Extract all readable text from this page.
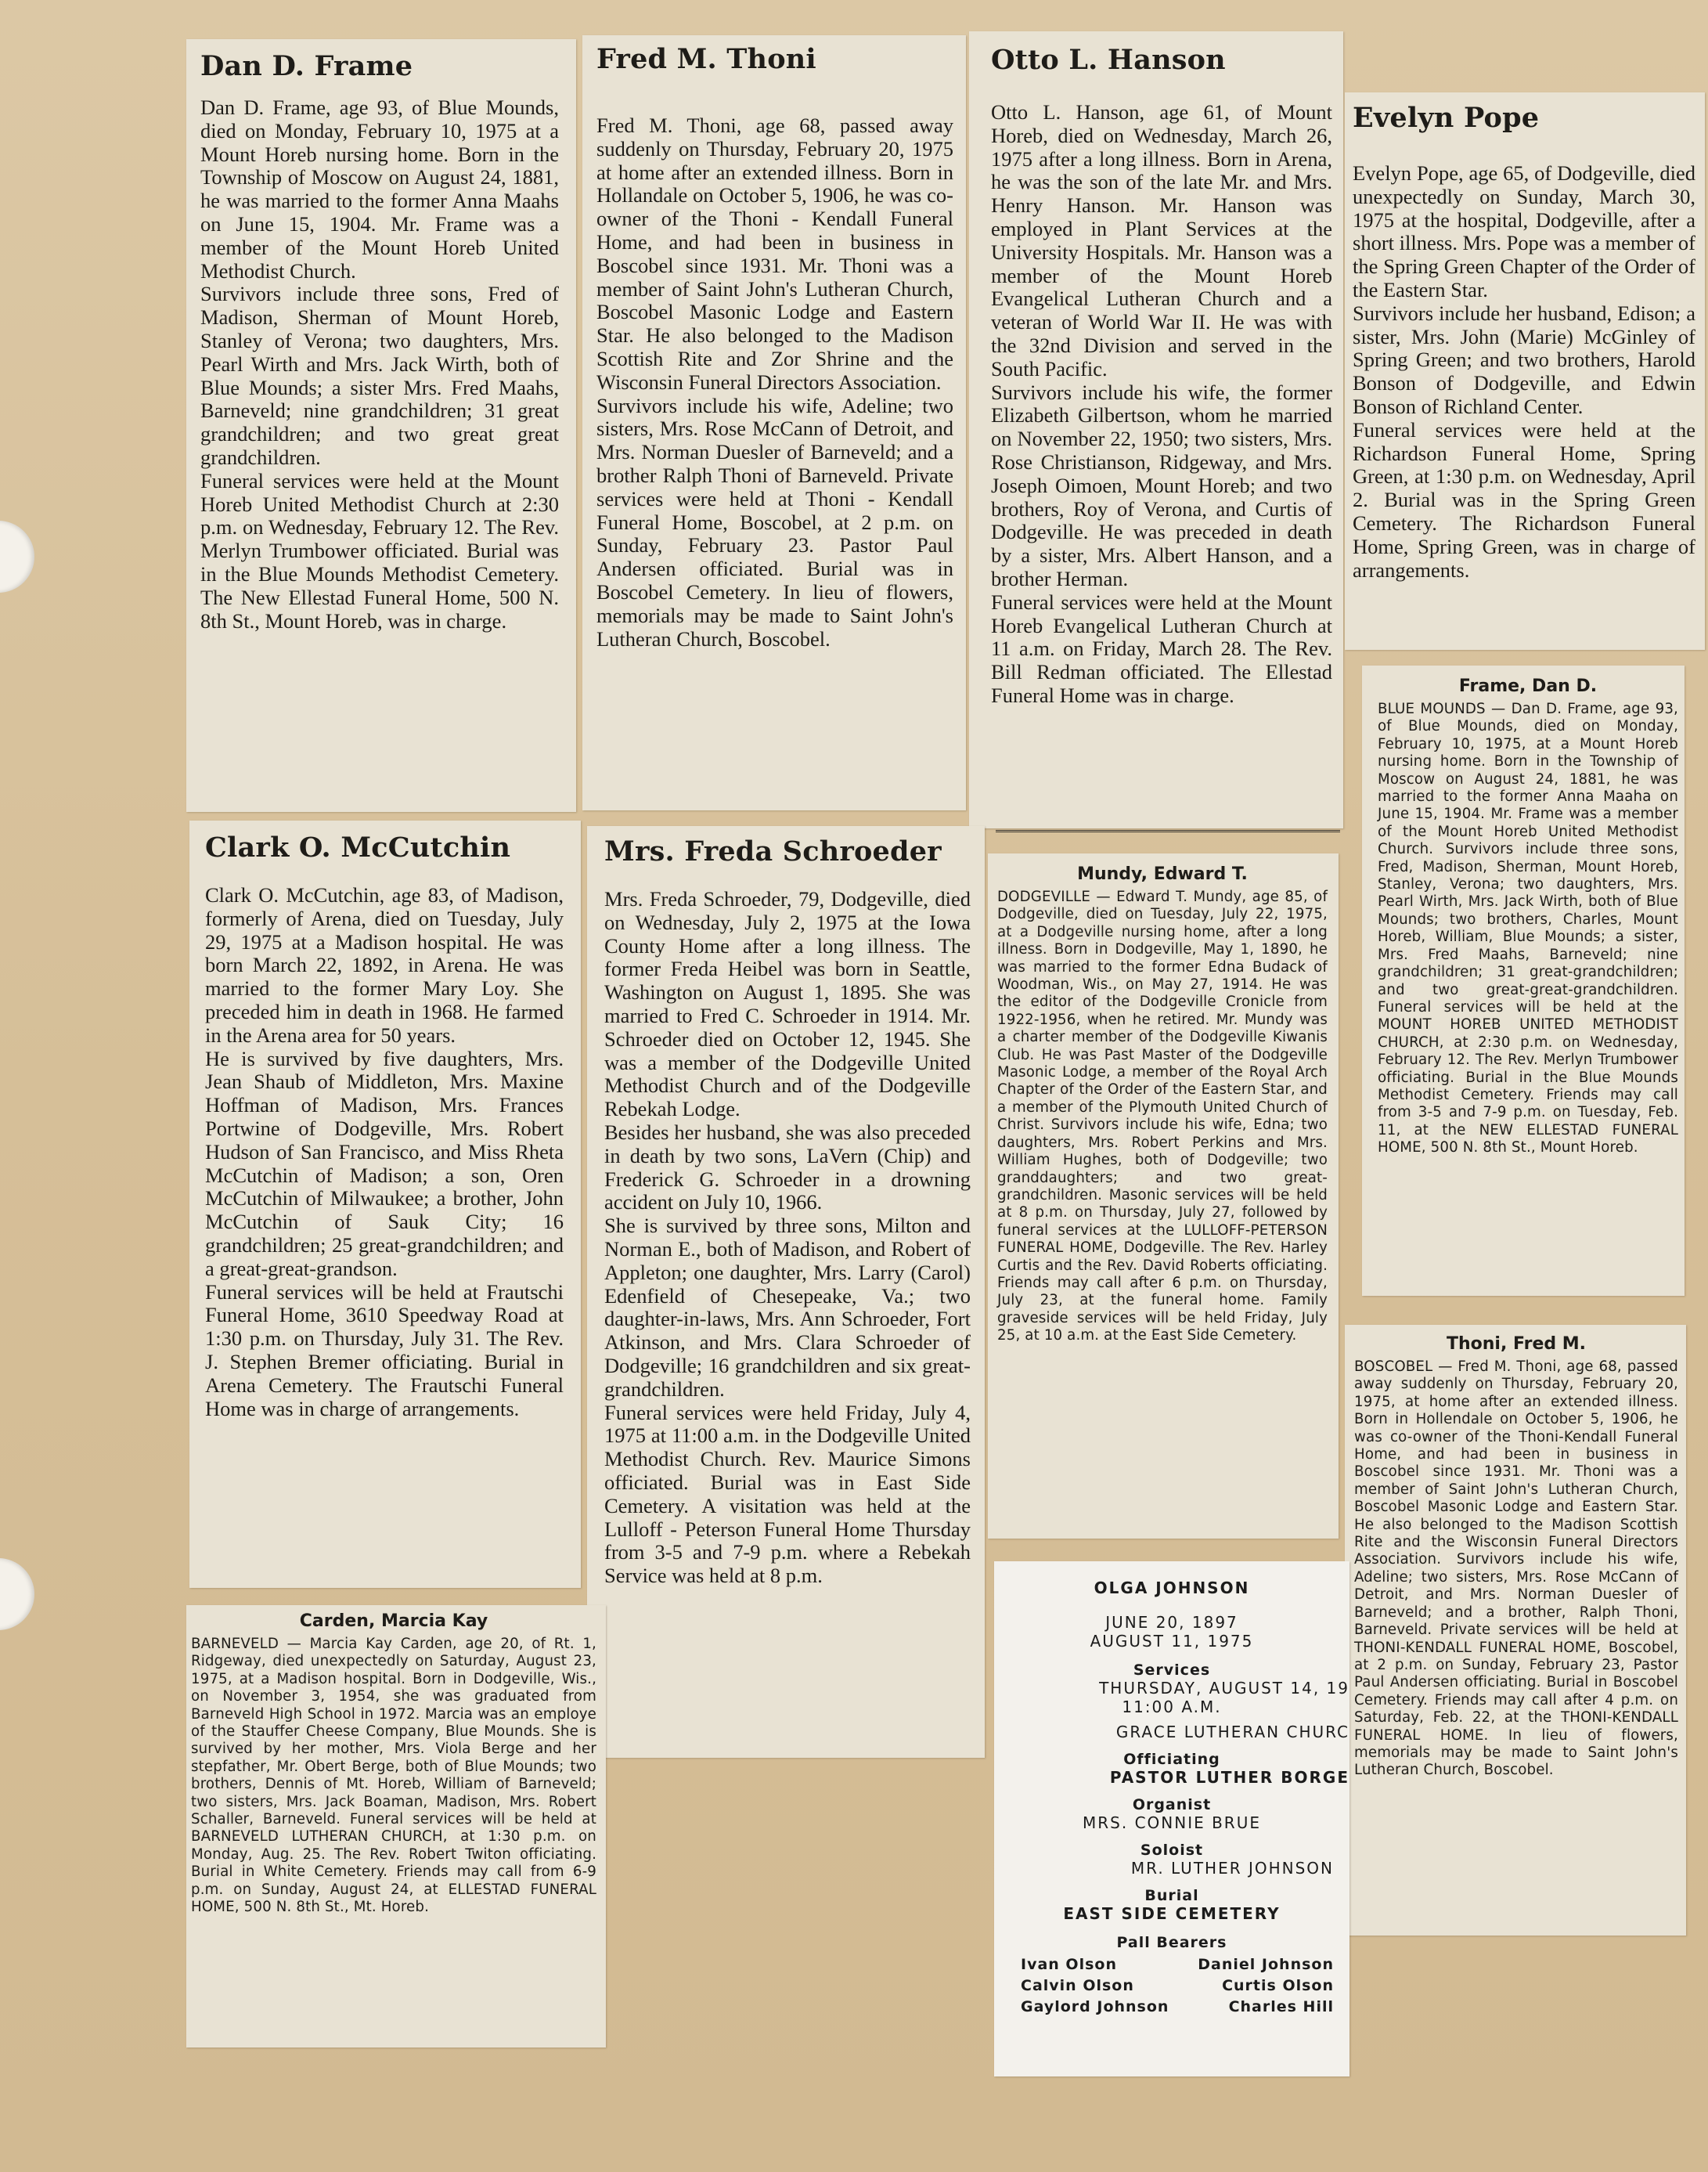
Dan D. Frame
Dan D. Frame, age 93, of Blue Mounds, died on Monday, February 10, 1975 at a Mount Horeb nursing home. Born in the Township of Moscow on August 24, 1881, he was married to the former Anna Maahs on June 15, 1904. Mr. Frame was a member of the Mount Horeb United Methodist Church.
Survivors include three sons, Fred of Madison, Sherman of Mount Horeb, Stanley of Verona; two daughters, Mrs. Pearl Wirth and Mrs. Jack Wirth, both of Blue Mounds; a sister Mrs. Fred Maahs, Barneveld; nine grandchildren; 31 great grandchildren; and two great great grandchildren.
Funeral services were held at the Mount Horeb United Methodist Church at 2:30 p.m. on Wednesday, February 12. The Rev. Merlyn Trumbower officiated. Burial was in the Blue Mounds Methodist Cemetery. The New Ellestad Funeral Home, 500 N. 8th St., Mount Horeb, was in charge.
Fred M. Thoni
Fred M. Thoni, age 68, passed away suddenly on Thursday, February 20, 1975 at home after an extended illness. Born in Hollandale on October 5, 1906, he was co-owner of the Thoni - Kendall Funeral Home, and had been in business in Boscobel since 1931. Mr. Thoni was a member of Saint John's Lutheran Church, Boscobel Masonic Lodge and Eastern Star. He also belonged to the Madison Scottish Rite and Zor Shrine and the Wisconsin Funeral Directors Association.
Survivors include his wife, Adeline; two sisters, Mrs. Rose McCann of Detroit, and Mrs. Norman Duesler of Barneveld; and a brother Ralph Thoni of Barneveld. Private services were held at Thoni - Kendall Funeral Home, Boscobel, at 2 p.m. on Sunday, February 23. Pastor Paul Andersen officiated. Burial was in Boscobel Cemetery. In lieu of flowers, memorials may be made to Saint John's Lutheran Church, Boscobel.
Otto L. Hanson
Otto L. Hanson, age 61, of Mount Horeb, died on Wednesday, March 26, 1975 after a long illness. Born in Arena, he was the son of the late Mr. and Mrs. Henry Hanson. Mr. Hanson was employed in Plant Services at the University Hospitals. Mr. Hanson was a member of the Mount Horeb Evangelical Lutheran Church and a veteran of World War II. He was with the 32nd Division and served in the South Pacific.
Survivors include his wife, the former Elizabeth Gilbertson, whom he married on November 22, 1950; two sisters, Mrs. Rose Christianson, Ridgeway, and Mrs. Joseph Oimoen, Mount Horeb; and two brothers, Roy of Verona, and Curtis of Dodgeville. He was preceded in death by a sister, Mrs. Albert Hanson, and a brother Herman.
Funeral services were held at the Mount Horeb Evangelical Lutheran Church at 11 a.m. on Friday, March 28. The Rev. Bill Redman officiated. The Ellestad Funeral Home was in charge.
Evelyn Pope
Evelyn Pope, age 65, of Dodgeville, died unexpectedly on Sunday, March 30, 1975 at the hospital, Dodgeville, after a short illness. Mrs. Pope was a member of the Spring Green Chapter of the Order of the Eastern Star.
Survivors include her husband, Edison; a sister, Mrs. John (Marie) McGinley of Spring Green; and two brothers, Harold Bonson of Dodgeville, and Edwin Bonson of Richland Center.
Funeral services were held at the Richardson Funeral Home, Spring Green, at 1:30 p.m. on Wednesday, April 2. Burial was in the Spring Green Cemetery. The Richardson Funeral Home, Spring Green, was in charge of arrangements.
Clark O. McCutchin
Clark O. McCutchin, age 83, of Madison, formerly of Arena, died on Tuesday, July 29, 1975 at a Madison hospital. He was born March 22, 1892, in Arena. He was married to the former Mary Loy. She preceded him in death in 1968. He farmed in the Arena area for 50 years.
He is survived by five daughters, Mrs. Jean Shaub of Middleton, Mrs. Maxine Hoffman of Madison, Mrs. Frances Portwine of Dodgeville, Mrs. Robert Hudson of San Francisco, and Miss Rheta McCutchin of Madison; a son, Oren McCutchin of Milwaukee; a brother, John McCutchin of Sauk City; 16 grandchildren; 25 great-grandchildren; and a great-great-grandson.
Funeral services will be held at Frautschi Funeral Home, 3610 Speedway Road at 1:30 p.m. on Thursday, July 31. The Rev. J. Stephen Bremer officiating. Burial in Arena Cemetery. The Frautschi Funeral Home was in charge of arrangements.
Mrs. Freda Schroeder
Mrs. Freda Schroeder, 79, Dodgeville, died on Wednesday, July 2, 1975 at the Iowa County Home after a long illness. The former Freda Heibel was born in Seattle, Washington on August 1, 1895. She was married to Fred C. Schroeder in 1914. Mr. Schroeder died on October 12, 1945. She was a member of the Dodgeville United Methodist Church and of the Dodgeville Rebekah Lodge.
Besides her husband, she was also preceded in death by two sons, LaVern (Chip) and Frederick G. Schroeder in a drowning accident on July 10, 1966.
She is survived by three sons, Milton and Norman E., both of Madison, and Robert of Appleton; one daughter, Mrs. Larry (Carol) Edenfield of Chesepeake, Va.; two daughter-in-laws, Mrs. Ann Schroeder, Fort Atkinson, and Mrs. Clara Schroeder of Dodgeville; 16 grandchildren and six great-grandchildren.
Funeral services were held Friday, July 4, 1975 at 11:00 a.m. in the Dodgeville United Methodist Church. Rev. Maurice Simons officiated. Burial was in East Side Cemetery. A visitation was held at the Lulloff - Peterson Funeral Home Thursday from 3-5 and 7-9 p.m. where a Rebekah Service was held at 8 p.m.
Frame, Dan D.
BLUE MOUNDS — Dan D. Frame, age 93, of Blue Mounds, died on Monday, February 10, 1975, at a Mount Horeb nursing home. Born in the Township of Moscow on August 24, 1881, he was married to the former Anna Maaha on June 15, 1904. Mr. Frame was a member of the Mount Horeb United Methodist Church. Survivors include three sons, Fred, Madison, Sherman, Mount Horeb, Stanley, Verona; two daughters, Mrs. Pearl Wirth, Mrs. Jack Wirth, both of Blue Mounds; two brothers, Charles, Mount Horeb, William, Blue Mounds; a sister, Mrs. Fred Maahs, Barneveld; nine grandchildren; 31 great-grandchildren; and two great-great-grandchildren. Funeral services will be held at the MOUNT HOREB UNITED METHODIST CHURCH, at 2:30 p.m. on Wednesday, February 12. The Rev. Merlyn Trumbower officiating. Burial in the Blue Mounds Methodist Cemetery. Friends may call from 3-5 and 7-9 p.m. on Tuesday, Feb. 11, at the NEW ELLESTAD FUNERAL HOME, 500 N. 8th St., Mount Horeb.
Mundy, Edward T.
DODGEVILLE — Edward T. Mundy, age 85, of Dodgeville, died on Tuesday, July 22, 1975, at a Dodgeville nursing home, after a long illness. Born in Dodgeville, May 1, 1890, he was married to the former Edna Budack of Woodman, Wis., on May 27, 1914. He was the editor of the Dodgeville Cronicle from 1922-1956, when he retired. Mr. Mundy was a charter member of the Dodgeville Kiwanis Club. He was Past Master of the Dodgeville Masonic Lodge, a member of the Royal Arch Chapter of the Order of the Eastern Star, and a member of the Plymouth United Church of Christ. Survivors include his wife, Edna; two daughters, Mrs. Robert Perkins and Mrs. William Hughes, both of Dodgeville; two granddaughters; and two great-grandchildren. Masonic services will be held at 8 p.m. on Thursday, July 27, followed by funeral services at the LULLOFF-PETERSON FUNERAL HOME, Dodgeville. The Rev. Harley Curtis and the Rev. David Roberts officiating. Friends may call after 6 p.m. on Thursday, July 23, at the funeral home. Family graveside services will be held Friday, July 25, at 10 a.m. at the East Side Cemetery.	Thoni, Fred M.
BOSCOBEL — Fred M. Thoni, age 68, passed away suddenly on Thursday, February 20, 1975, at home after an extended illness. Born in Hollendale on October 5, 1906, he was co-owner of the Thoni-Kendall Funeral Home, and had been in business in Boscobel since 1931. Mr. Thoni was a member of Saint John's Lutheran Church, Boscobel Masonic Lodge and Eastern Star. He also belonged to the Madison Scottish Rite and the Wisconsin Funeral Directors Association. Survivors include his wife, Adeline; two sisters, Mrs. Rose McCann of Detroit, and Mrs. Norman Duesler of Barneveld; and a brother, Ralph Thoni, Barneveld. Private services will be held at THONI-KENDALL FUNERAL HOME, Boscobel, at 2 p.m. on Sunday, February 23, Pastor Paul Andersen officiating. Burial in Boscobel Cemetery. Friends may call after 4 p.m. on Saturday, Feb. 22, at the THONI-KENDALL FUNERAL HOME. In lieu of flowers, memorials may be made to Saint John's Lutheran Church, Boscobel.
Carden, Marcia Kay
BARNEVELD — Marcia Kay Carden, age 20, of Rt. 1, Ridgeway, died unexpectedly on Saturday, August 23, 1975, at a Madison hospital. Born in Dodgeville, Wis., on November 3, 1954, she was graduated from Barneveld High School in 1972. Marcia was an employe of the Stauffer Cheese Company, Blue Mounds. She is survived by her mother, Mrs. Viola Berge and her stepfather, Mr. Obert Berge, both of Blue Mounds; two brothers, Dennis of Mt. Horeb, William of Barneveld; two sisters, Mrs. Jack Boaman, Madison, Mrs. Robert Schaller, Barneveld. Funeral services will be held at BARNEVELD LUTHERAN CHURCH, at 1:30 p.m. on Monday, Aug. 25. The Rev. Robert Twiton officiating. Burial in White Cemetery. Friends may call from 6-9 p.m. on Sunday, August 24, at ELLESTAD FUNERAL HOME, 500 N. 8th St., Mt. Horeb.
OLGA JOHNSON
JUNE 20, 1897
AUGUST 11, 1975
Services
THURSDAY, AUGUST 14, 19
11:00 A.M.
GRACE LUTHERAN CHURC
Officiating
PASTOR LUTHER BORGE
Organist
MRS. CONNIE BRUE
Soloist
MR. LUTHER JOHNSON
Burial
EAST SIDE CEMETERY
Pall Bearers
Ivan Olson	Daniel Johnson
Calvin Olson	Curtis Olson
Gaylord Johnson	Charles Hill
